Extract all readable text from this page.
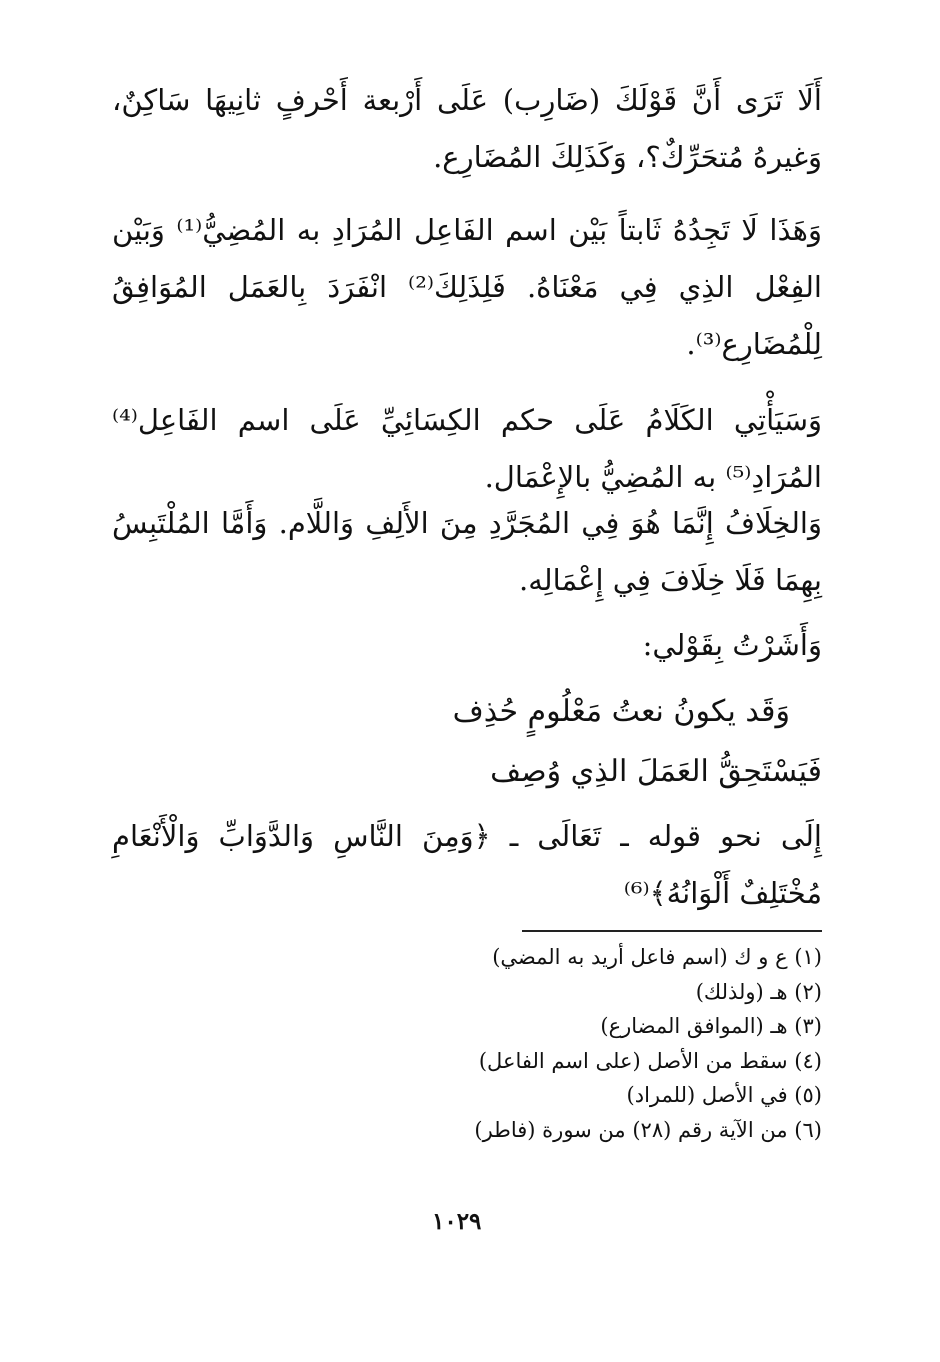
أَلَا تَرَى أَنَّ قَوْلَكَ (ضَارِب) عَلَى أَرْبعة أَحْرفٍ ثانِيهَا سَاكِنٌ، وَغيرهُ مُتحَرِّكٌ؟، وَكَذَلِكَ المُضَارِع.

وَهَذَا لَا تَجِدُهُ ثَابتاً بَيْن اسم الفَاعِل المُرَادِ به المُضِيُّ⁽¹⁾ وَبَيْن الفِعْل الذِي فِي مَعْنَاهُ. فَلِذَلِكَ⁽²⁾ انْفَرَدَ بِالعَمَل المُوَافِقُ لِلْمُضَارِع⁽³⁾.

وَسَيَأْتِي الكَلَامُ عَلَى حكم الكِسَائِيِّ عَلَى اسم الفَاعِل⁽⁴⁾ المُرَادِ⁽⁵⁾ به المُضِيُّ بالإِعْمَال.

وَالخِلَافُ إِنَّمَا هُوَ فِي المُجَرَّدِ مِنَ الأَلِفِ وَاللَّام. وَأَمَّا المُلْتَبِسُ بِهِمَا فَلَا خِلَافَ فِي إِعْمَالِه.

وَأَشَرْتُ بِقَوْلي:

وَقَد يكونُ نعتُ مَعْلُومٍ حُذِف
فَيَسْتَحِقُّ العَمَلَ الذِي وُصِف

إِلَى نحو قوله ـ تَعَالَى ـ ﴿وَمِنَ النَّاسِ وَالدَّوَابِّ وَالْأَنْعَامِ مُخْتَلِفٌ أَلْوَانُهُ﴾⁽⁶⁾

(١) ع و ك (اسم فاعل أريد به المضي)
(٢) هـ (ولذلك)
(٣) هـ (الموافق المضارع)
(٤) سقط من الأصل (على اسم الفاعل)
(٥) في الأصل (للمراد)
(٦) من الآية رقم (٢٨) من سورة (فاطر)
١٠٢٩
